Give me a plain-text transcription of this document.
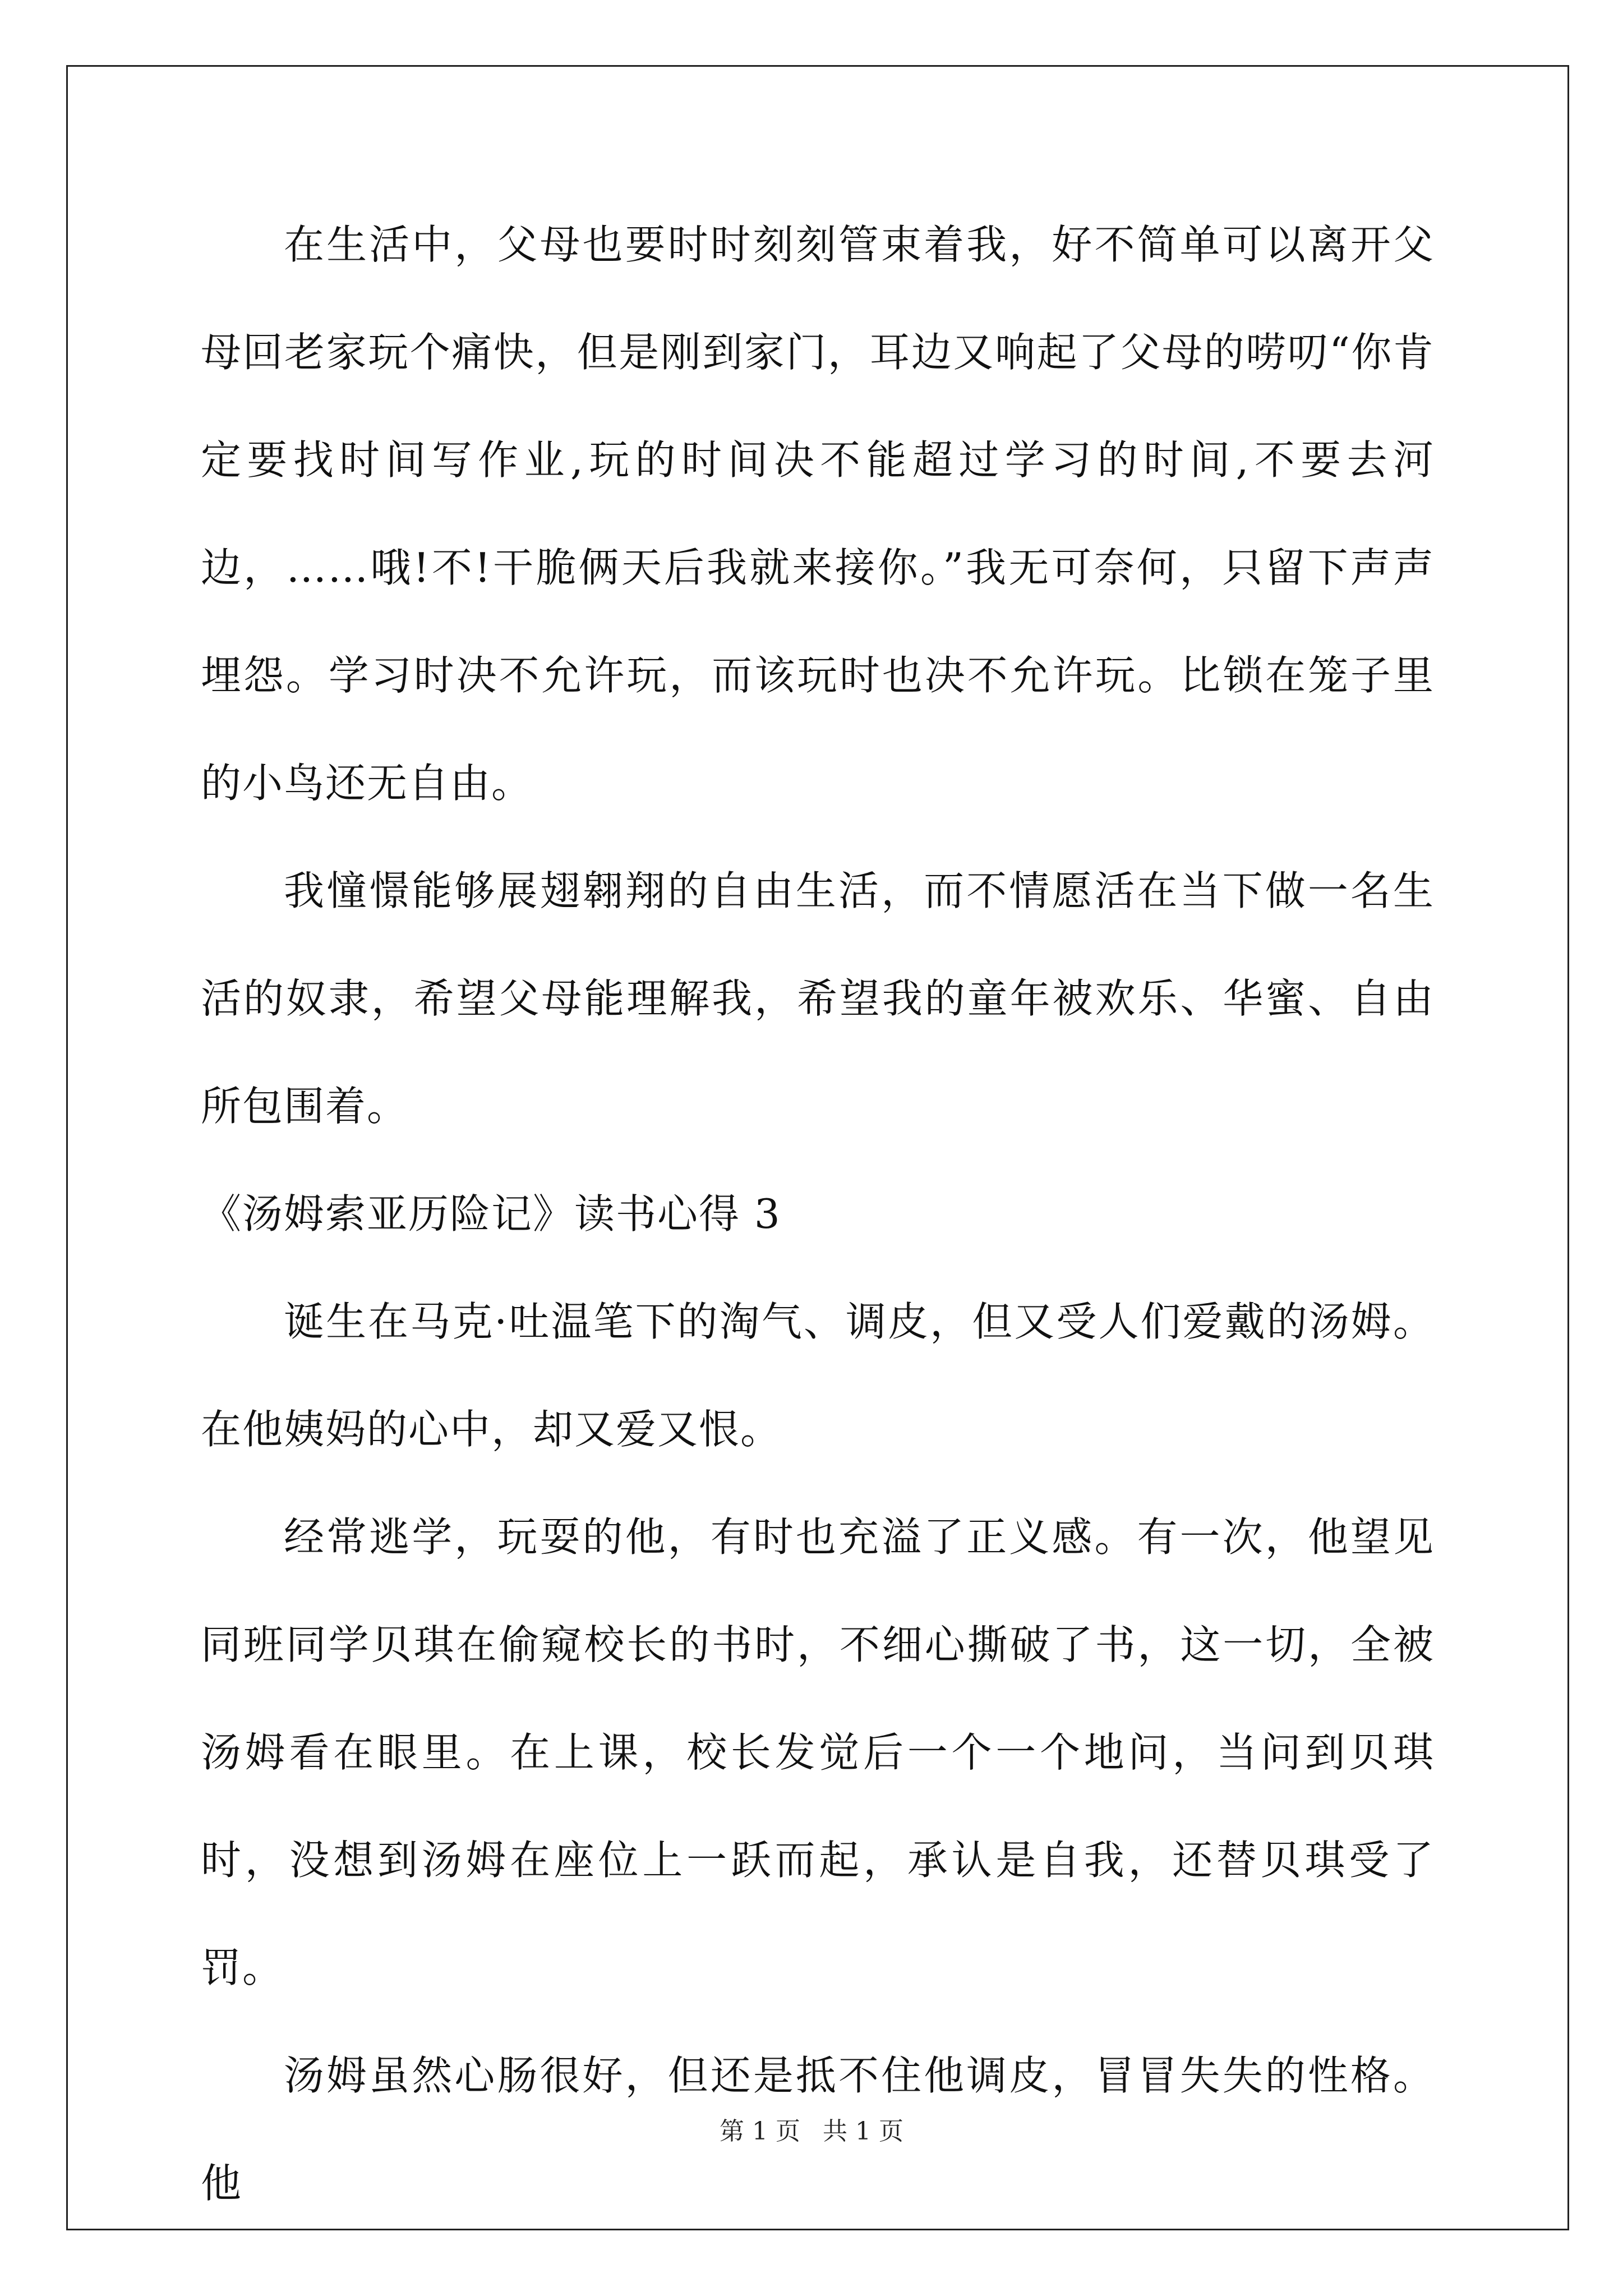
在生活中，父母也要时时刻刻管束着我，好不简单可以离开父母回老家玩个痛快，但是刚到家门，耳边又响起了父母的唠叨“你肯定要找时间写作业,玩的时间决不能超过学习的时间,不要去河边，……哦!不!干脆俩天后我就来接你。”我无可奈何，只留下声声埋怨。学习时决不允许玩，而该玩时也决不允许玩。比锁在笼子里的小鸟还无自由。

我憧憬能够展翅翱翔的自由生活，而不情愿活在当下做一名生活的奴隶，希望父母能理解我，希望我的童年被欢乐、华蜜、自由所包围着。

《汤姆索亚历险记》读书心得 3

诞生在马克·吐温笔下的淘气、调皮，但又受人们爱戴的汤姆。在他姨妈的心中，却又爱又恨。

经常逃学，玩耍的他，有时也充溢了正义感。有一次，他望见同班同学贝琪在偷窥校长的书时，不细心撕破了书，这一切，全被汤姆看在眼里。在上课，校长发觉后一个一个地问，当问到贝琪时，没想到汤姆在座位上一跃而起，承认是自我，还替贝琪受了罚。

汤姆虽然心肠很好，但还是抵不住他调皮，冒冒失失的性格。他

第 1 页 共 1 页
